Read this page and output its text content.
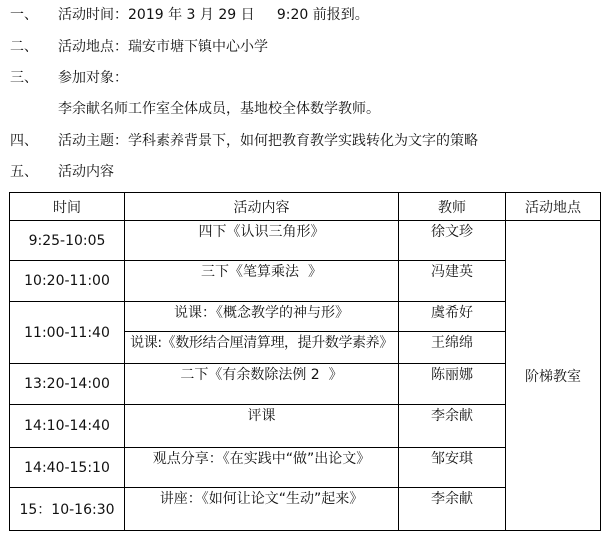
一、 活动时间：2019 年 3 月 29 日     9:20 前报到。
二、 活动地点：瑞安市塘下镇中心小学
三、 参加对象：
李余献名师工作室全体成员，基地校全体数学教师。
四、 活动主题：学科素养背景下，如何把教育教学实践转化为文字的策略
五、 活动内容
时间	活动内容	教师	活动地点
9:25-10:05	四下《认识三角形》	徐文珍	阶梯教室
10:20-11:00	三下《笔算乘法  》	冯建英	
11:00-11:40	说课：《概念教学的神与形》	虞希好	
	说课:《数形结合厘清算理，提升数学素养》	王绵绵	
13:20-14:00	二下《有余数除法例 2  》	陈丽娜	
14:10-14:40	评课	李余献	
14:40-15:10	观点分享：《在实践中“做”出论文》	邹安琪	
15：10-16:30	讲座：《如何让论文“生动”起来》	李余献	
